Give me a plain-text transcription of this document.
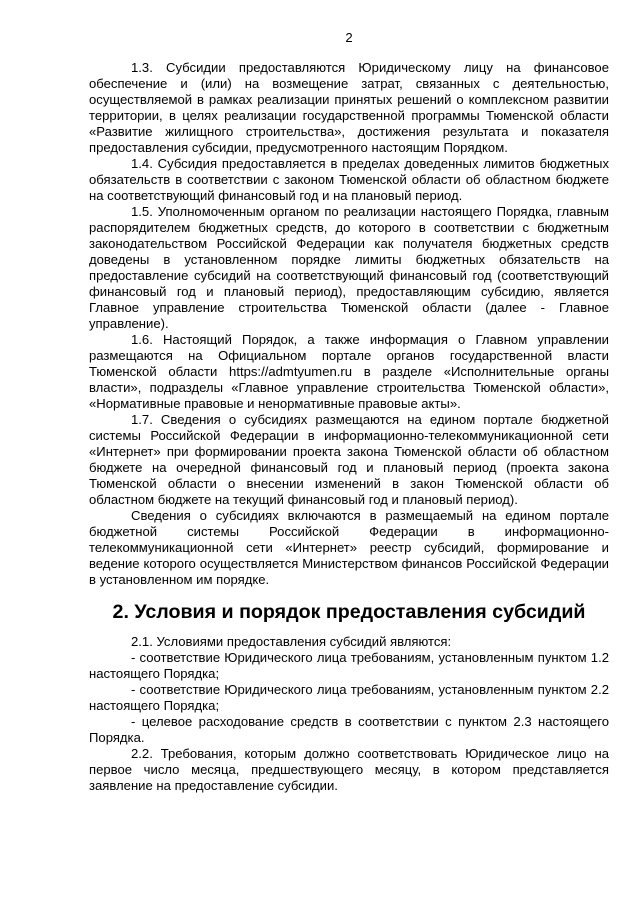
2

1.3. Субсидии предоставляются Юридическому лицу на финансовое обеспечение и (или) на возмещение затрат, связанных с деятельностью, осуществляемой в рамках реализации принятых решений о комплексном развитии территории, в целях реализации государственной программы Тюменской области «Развитие жилищного строительства», достижения результата и показателя предоставления субсидии, предусмотренного настоящим Порядком.

1.4. Субсидия предоставляется в пределах доведенных лимитов бюджетных обязательств в соответствии с законом Тюменской области об областном бюджете на соответствующий финансовый год и на плановый период.

1.5. Уполномоченным органом по реализации настоящего Порядка, главным распорядителем бюджетных средств, до которого в соответствии с бюджетным законодательством Российской Федерации как получателя бюджетных средств доведены в установленном порядке лимиты бюджетных обязательств на предоставление субсидий на соответствующий финансовый год (соответствующий финансовый год и плановый период), предоставляющим субсидию, является Главное управление строительства Тюменской области (далее - Главное управление).

1.6. Настоящий Порядок, а также информация о Главном управлении размещаются на Официальном портале органов государственной власти Тюменской области https://admtyumen.ru в разделе «Исполнительные органы власти», подразделы «Главное управление строительства Тюменской области», «Нормативные правовые и ненормативные правовые акты».

1.7. Сведения о субсидиях размещаются на едином портале бюджетной системы Российской Федерации в информационно-телекоммуникационной сети «Интернет» при формировании проекта закона Тюменской области об областном бюджете на очередной финансовый год и плановый период (проекта закона Тюменской области о внесении изменений в закон Тюменской области об областном бюджете на текущий финансовый год и плановый период).

Сведения о субсидиях включаются в размещаемый на едином портале бюджетной системы Российской Федерации в информационно-телекоммуникационной сети «Интернет» реестр субсидий, формирование и ведение которого осуществляется Министерством финансов Российской Федерации в установленном им порядке.

2. Условия и порядок предоставления субсидий

2.1. Условиями предоставления субсидий являются:

- соответствие Юридического лица требованиям, установленным пунктом 1.2 настоящего Порядка;

- соответствие Юридического лица требованиям, установленным пунктом 2.2 настоящего Порядка;

- целевое расходование средств в соответствии с пунктом 2.3 настоящего Порядка.

2.2. Требования, которым должно соответствовать Юридическое лицо на первое число месяца, предшествующего месяцу, в котором представляется заявление на предоставление субсидии.
